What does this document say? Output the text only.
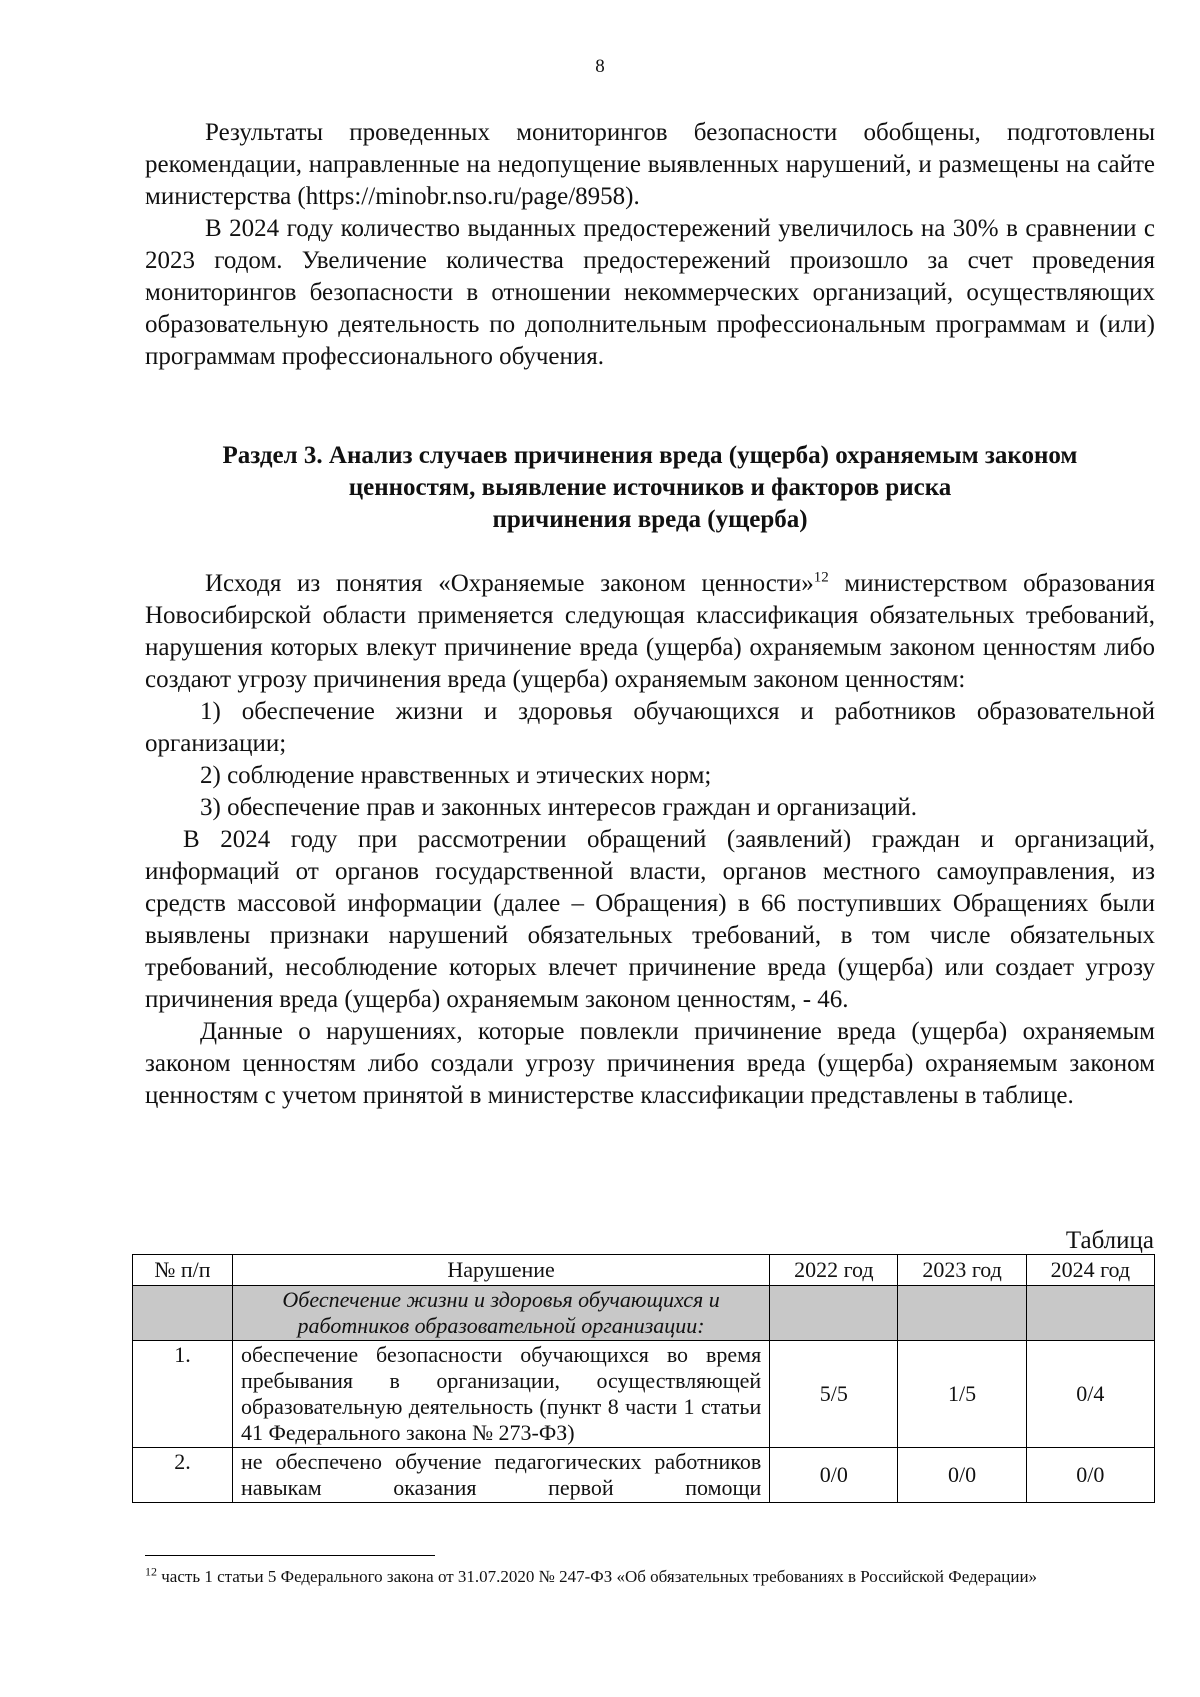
8

Результаты проведенных мониторингов безопасности обобщены, подготовлены рекомендации, направленные на недопущение выявленных нарушений, и размещены на сайте министерства (https://minobr.nso.ru/page/8958).

В 2024 году количество выданных предостережений увеличилось на 30% в сравнении с 2023 годом. Увеличение количества предостережений произошло за счет проведения мониторингов безопасности в отношении некоммерческих организаций, осуществляющих образовательную деятельность по дополнительным профессиональным программам и (или) программам профессионального обучения.

Раздел 3. Анализ случаев причинения вреда (ущерба) охраняемым законом
ценностям, выявление источников и факторов риска
причинения вреда (ущерба)

Исходя из понятия «Охраняемые законом ценности»$^{12}$ министерством образования Новосибирской области применяется следующая классификация обязательных требований, нарушения которых влекут причинение вреда (ущерба) охраняемым законом ценностям либо создают угрозу причинения вреда (ущерба) охраняемым законом ценностям:

1) обеспечение жизни и здоровья обучающихся и работников образовательной организации;

2) соблюдение нравственных и этических норм;

3) обеспечение прав и законных интересов граждан и организаций.

В 2024 году при рассмотрении обращений (заявлений) граждан и организаций, информаций от органов государственной власти, органов местного самоуправления, из средств массовой информации (далее – Обращения) в 66 поступивших Обращениях были выявлены признаки нарушений обязательных требований, в том числе обязательных требований, несоблюдение которых влечет причинение вреда (ущерба) или создает угрозу причинения вреда (ущерба) охраняемым законом ценностям, - 46.

Данные о нарушениях, которые повлекли причинение вреда (ущерба) охраняемым законом ценностям либо создали угрозу причинения вреда (ущерба) охраняемым законом ценностям с учетом принятой в министерстве классификации представлены в таблице.

Таблица
№ п/п	Нарушение	2022 год	2023 год	2024 год
	Обеспечение жизни и здоровья обучающихся и работников образовательной организации:			
1.	обеспечение безопасности обучающихся во время пребывания в организации, осуществляющей образовательную деятельность (пункт 8 части 1 статьи 41 Федерального закона № 273-ФЗ)	5/5	1/5	0/4
2.	не обеспечено обучение педагогических работников навыкам оказания первой помощи	0/0	0/0	0/0
$^{12}$ часть 1 статьи 5 Федерального закона от 31.07.2020 № 247-ФЗ «Об обязательных требованиях в Российской Федерации»
